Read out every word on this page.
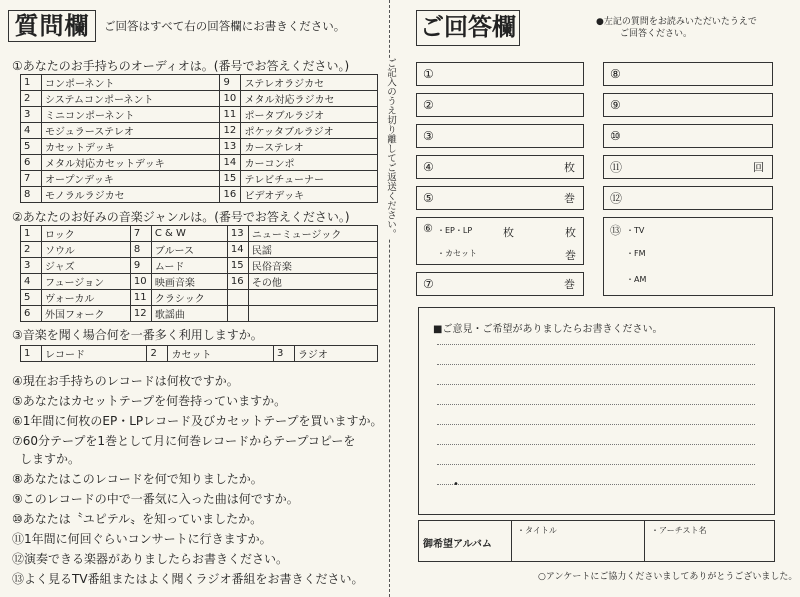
質問欄	ご回答はすべて右の回答欄にお書きください。
①あなたのお手持ちのオーディオは。(番号でお答えください。)
1	コンポーネント	9	ステレオラジカセ
2	システムコンポーネント	10	メタル対応ラジカセ
3	ミニコンポーネント	11	ポータブルラジオ
4	モジュラーステレオ	12	ポケッタブルラジオ
5	カセットデッキ	13	カーステレオ
6	メタル対応カセットデッキ	14	カーコンポ
7	オープンデッキ	15	テレビチューナー
8	モノラルラジカセ	16	ビデオデッキ
②あなたのお好みの音楽ジャンルは。(番号でお答えください。)
1	ロック	7	C & W	13	ニューミュージック
2	ソウル	8	ブルース	14	民謡
3	ジャズ	9	ムード	15	民俗音楽
4	フュージョン	10	映画音楽	16	その他
5	ヴォーカル	11	クラシック		
6	外国フォーク	12	歌謡曲		
③音楽を聞く場合何を一番多く利用しますか。
1	レコード	2	カセット	3	ラジオ
④現在お手持ちのレコードは何枚ですか。
⑤あなたはカセットテープを何巻持っていますか。
⑥1年間に何枚のEP・LPレコード及びカセットテープを買いますか。
⑦60分テープを1巻として月に何巻レコードからテープコピーを
しますか。
⑧あなたはこのレコードを何で知りましたか。
⑨このレコードの中で一番気に入った曲は何ですか。
⑩あなたは〝ユピテル〟を知っていましたか。
⑪1年間に何回ぐらいコンサートに行きますか。
⑫演奏できる楽器がありましたらお書きください。
⑬よく見るTV番組またはよく聞くラジオ番組をお書きください。
ご記入のうえ切り離してご返送ください。
ご回答欄	●左記の質問をお読みいただいたうえで
ご回答ください。
①
②
③
④	枚
⑤	巻
⑥ ・EP・LP	枚	枚
・カセット	巻
⑦	巻
⑧
⑨
⑩
⑪	回
⑫
⑬ ・TV
・FM
・AM
■ご意見・ご希望がありましたらお書きください。
•
御希望アルバム
・タイトル	・アーチスト名
○アンケートにご協力くださいましてありがとうございました。
